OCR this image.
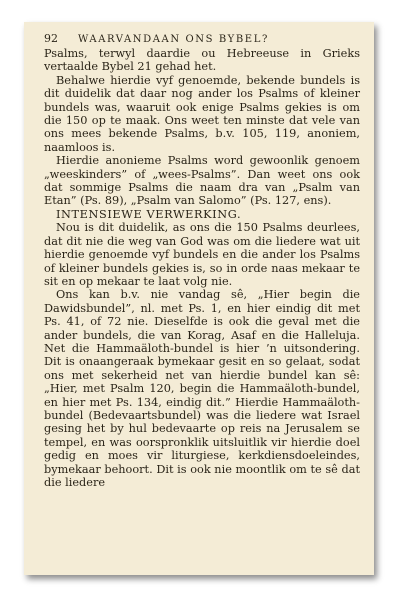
92	WAARVANDAAN ONS BYBEL?

Psalms, terwyl daardie ou Hebreeuse in Grieks vertaalde Bybel 21 gehad het.

Behalwe hierdie vyf genoemde, bekende bundels is dit duidelik dat daar nog ander los Psalms of kleiner bundels was, waaruit ook enige Psalms gekies is om die 150 op te maak. Ons weet ten minste dat vele van ons mees bekende Psalms, b.v. 105, 119, anoniem, naamloos is.

Hierdie anonieme Psalms word gewoonlik genoem „weeskinders” of „wees-Psalms”. Dan weet ons ook dat sommige Psalms die naam dra van „Psalm van Etan” (Ps. 89), „Psalm van Salomo” (Ps. 127, ens).

INTENSIEWE VERWERKING.

Nou is dit duidelik, as ons die 150 Psalms deurlees, dat dit nie die weg van God was om die liedere wat uit hierdie genoemde vyf bundels en die ander los Psalms of kleiner bundels gekies is, so in orde naas mekaar te sit en op mekaar te laat volg nie.

Ons kan b.v. nie vandag sê, „Hier begin die Dawidsbundel”, nl. met Ps. 1, en hier eindig dit met Ps. 41, of 72 nie. Dieselfde is ook die geval met die ander bundels, die van Korag, Asaf en die Halleluja. Net die Hammaäloth-bundel is hier ’n uitsondering. Dit is onaangeraak bymekaar gesit en so gelaat, sodat ons met sekerheid net van hierdie bundel kan sê: „Hier, met Psalm 120, begin die Hammaäloth-bundel, en hier met Ps. 134, eindig dit.” Hierdie Hammaäloth-bundel (Bedevaartsbundel) was die liedere wat Israel gesing het by hul bedevaarte op reis na Jerusalem se tempel, en was oorspronklik uitsluitlik vir hierdie doel gedig en moes vir liturgiese, kerkdiensdoeleindes, bymekaar behoort. Dit is ook nie moontlik om te sê dat die liedere
